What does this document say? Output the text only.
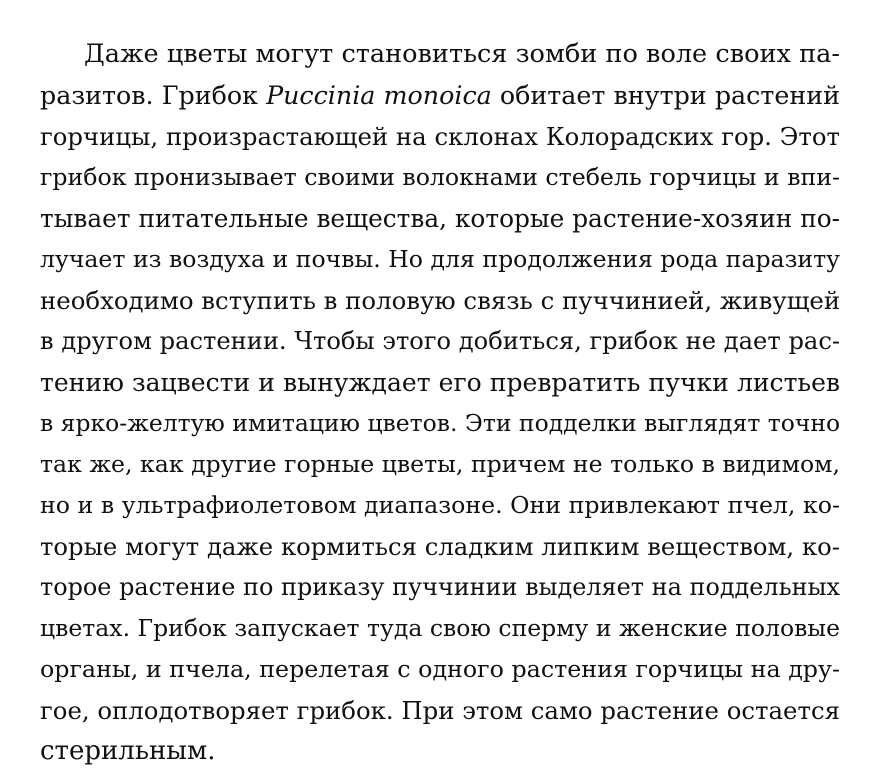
Даже цветы могут становиться зомби по воле своих па-
разитов. Грибок Puccinia monoica обитает внутри растений
горчицы, произрастающей на склонах Колорадских гор. Этот
грибок пронизывает своими волокнами стебель горчицы и впи-
тывает питательные вещества, которые растение-хозяин по-
лучает из воздуха и почвы. Но для продолжения рода паразиту
необходимо вступить в половую связь с пуччинией, живущей
в другом растении. Чтобы этого добиться, грибок не дает рас-
тению зацвести и вынуждает его превратить пучки листьев
в ярко-желтую имитацию цветов. Эти подделки выглядят точно
так же, как другие горные цветы, причем не только в видимом,
но и в ультрафиолетовом диапазоне. Они привлекают пчел, ко-
торые могут даже кормиться сладким липким веществом, ко-
торое растение по приказу пуччинии выделяет на поддельных
цветах. Грибок запускает туда свою сперму и женские половые
органы, и пчела, перелетая с одного растения горчицы на дру-
гое, оплодотворяет грибок. При этом само растение остается
стерильным.
